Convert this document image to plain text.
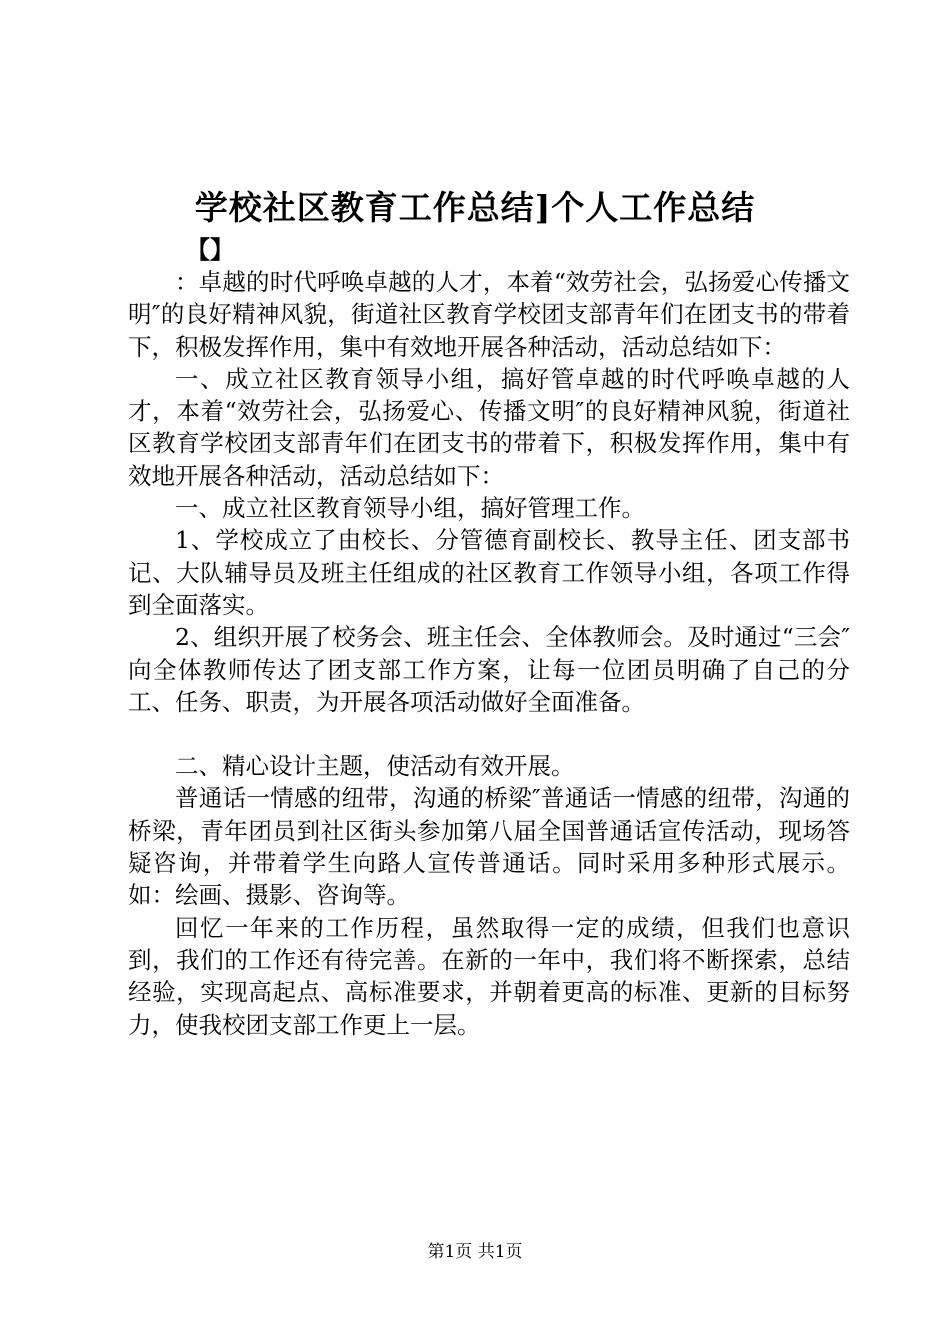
学校社区教育工作总结]个人工作总结
【】

：卓越的时代呼唤卓越的人才，本着“效劳社会，弘扬爱心传播文明″的良好精神风貌，街道社区教育学校团支部青年们在团支书的带着下，积极发挥作用，集中有效地开展各种活动，活动总结如下：

一、成立社区教育领导小组，搞好管卓越的时代呼唤卓越的人才，本着“效劳社会，弘扬爱心、传播文明″的良好精神风貌，街道社区教育学校团支部青年们在团支书的带着下，积极发挥作用，集中有效地开展各种活动，活动总结如下：

一、成立社区教育领导小组，搞好管理工作。

1、学校成立了由校长、分管德育副校长、教导主任、团支部书记、大队辅导员及班主任组成的社区教育工作领导小组，各项工作得到全面落实。

2、组织开展了校务会、班主任会、全体教师会。及时通过“三会″向全体教师传达了团支部工作方案，让每一位团员明确了自己的分工、任务、职责，为开展各项活动做好全面准备。

二、精心设计主题，使活动有效开展。

普通话一情感的纽带，沟通的桥梁″普通话一情感的纽带，沟通的桥梁，青年团员到社区街头参加第八届全国普通话宣传活动，现场答疑咨询，并带着学生向路人宣传普通话。同时采用多种形式展示。如：绘画、摄影、咨询等。

回忆一年来的工作历程，虽然取得一定的成绩，但我们也意识到，我们的工作还有待完善。在新的一年中，我们将不断探索，总结经验，实现高起点、高标准要求，并朝着更高的标准、更新的目标努力，使我校团支部工作更上一层。

第1页 共1页
